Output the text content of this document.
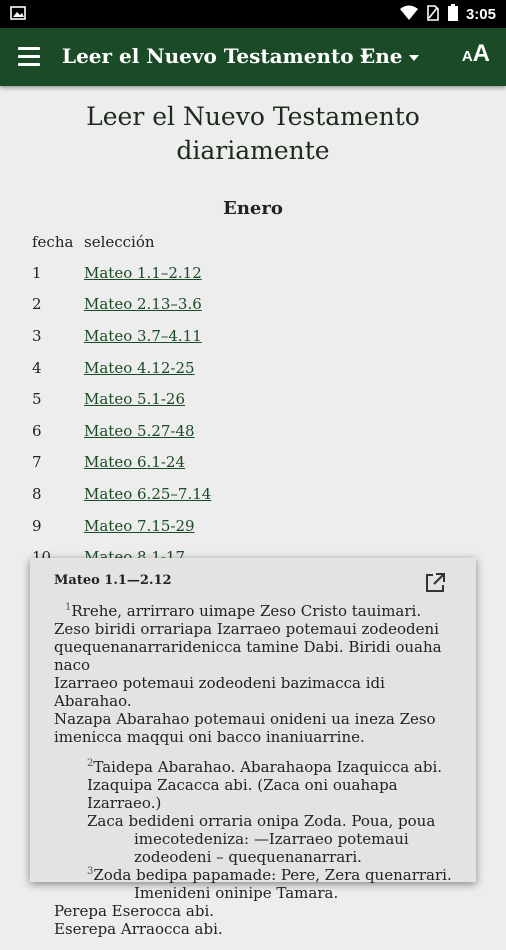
3:05
Leer el Nuevo Testamento Ene	AA
Leer el Nuevo Testamento
diariamente
Enero
fecha	selección
1	Mateo 1.1–2.12
2	Mateo 2.13–3.6
3	Mateo 3.7–4.11
4	Mateo 4.12-25
5	Mateo 5.1-26
6	Mateo 5.27-48
7	Mateo 6.1-24
8	Mateo 6.25–7.14
9	Mateo 7.15-29

Mateo 1.1—2.12

$^1$Rrehe, arrirraro uimape Zeso Cristo tauimari.
Zeso biridi orrariapa Izarraeo potemaui zodeodeni
quequenanarraridenicca tamine Dabi. Biridi ouaha naco
Izarraeo potemaui zodeodeni bazimacca idi Abarahao.
Nazapa Abarahao potemaui onideni ua ineza Zeso
imenicca maqqui oni bacco inaniuarrine.

$^2$Taidepa Abarahao. Abarahaopa Izaquicca abi.
Izaquipa Zacacca abi. (Zaca oni ouahapa Izarraeo.)
Zaca bedideni orraria onipa Zoda. Poua, poua
imecotedeniza: —Izarraeo potemaui
zodeodeni – quequenanarrari.

$^3$Zoda bedipa papamade: Pere, Zera quenarrari.
Imenideni oninipe Tamara.
Perepa Eserocca abi.
Eserepa Arraocca abi.
